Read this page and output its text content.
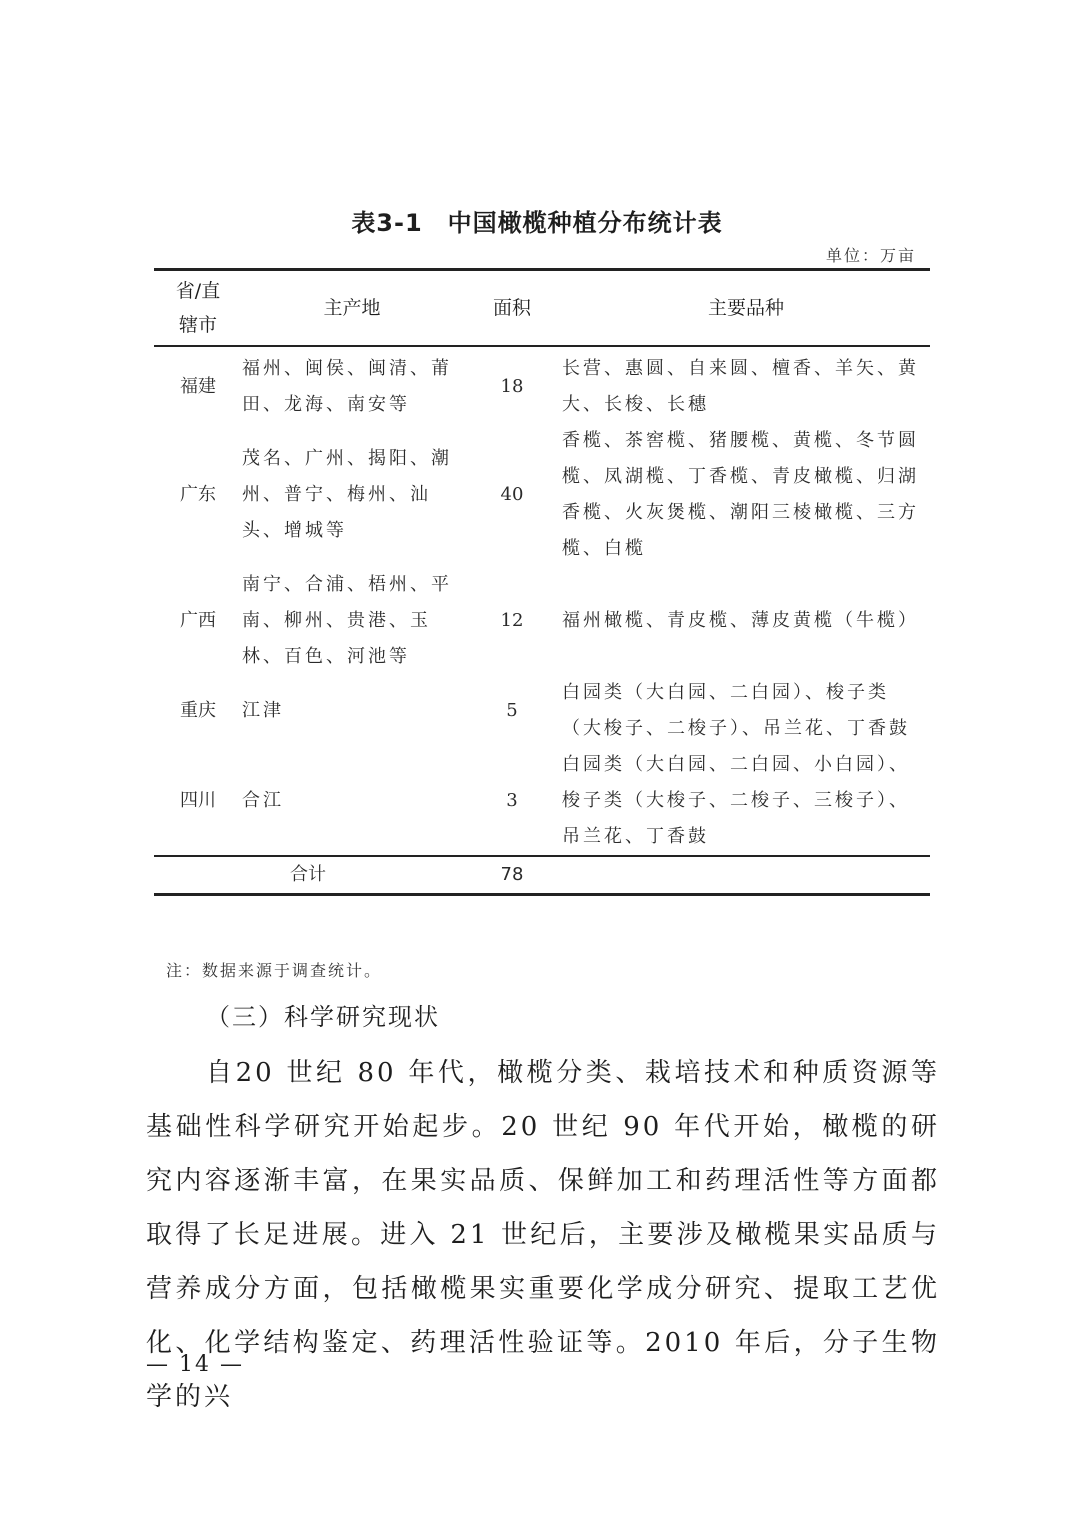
表3-1　中国橄榄种植分布统计表
单位：万亩
省/直
辖市	主产地	面积	主要品种
福建	福州、闽侯、闽清、莆田、龙海、南安等	18	长营、惠圆、自来圆、檀香、羊矢、黄大、长梭、长穗
广东	茂名、广州、揭阳、潮州、普宁、梅州、汕头、增城等	40	香榄、茶窖榄、猪腰榄、黄榄、冬节圆榄、凤湖榄、丁香榄、青皮橄榄、归湖香榄、火灰煲榄、潮阳三棱橄榄、三方榄、白榄
广西	南宁、合浦、梧州、平南、柳州、贵港、玉林、百色、河池等	12	福州橄榄、青皮榄、薄皮黄榄（牛榄）
重庆	江津	5	白园类（大白园、二白园）、梭子类（大梭子、二梭子）、吊兰花、丁香鼓
四川	合江	3	白园类（大白园、二白园、小白园）、梭子类（大梭子、二梭子、三梭子）、吊兰花、丁香鼓
合计		78	
注：数据来源于调查统计。
（三）科学研究现状

自20 世纪 80 年代，橄榄分类、栽培技术和种质资源等基础性科学研究开始起步。20 世纪 90 年代开始，橄榄的研究内容逐渐丰富，在果实品质、保鲜加工和药理活性等方面都取得了长足进展。进入 21 世纪后，主要涉及橄榄果实品质与营养成分方面，包括橄榄果实重要化学成分研究、提取工艺优化、化学结构鉴定、药理活性验证等。2010 年后，分子生物学的兴

— 14 —
